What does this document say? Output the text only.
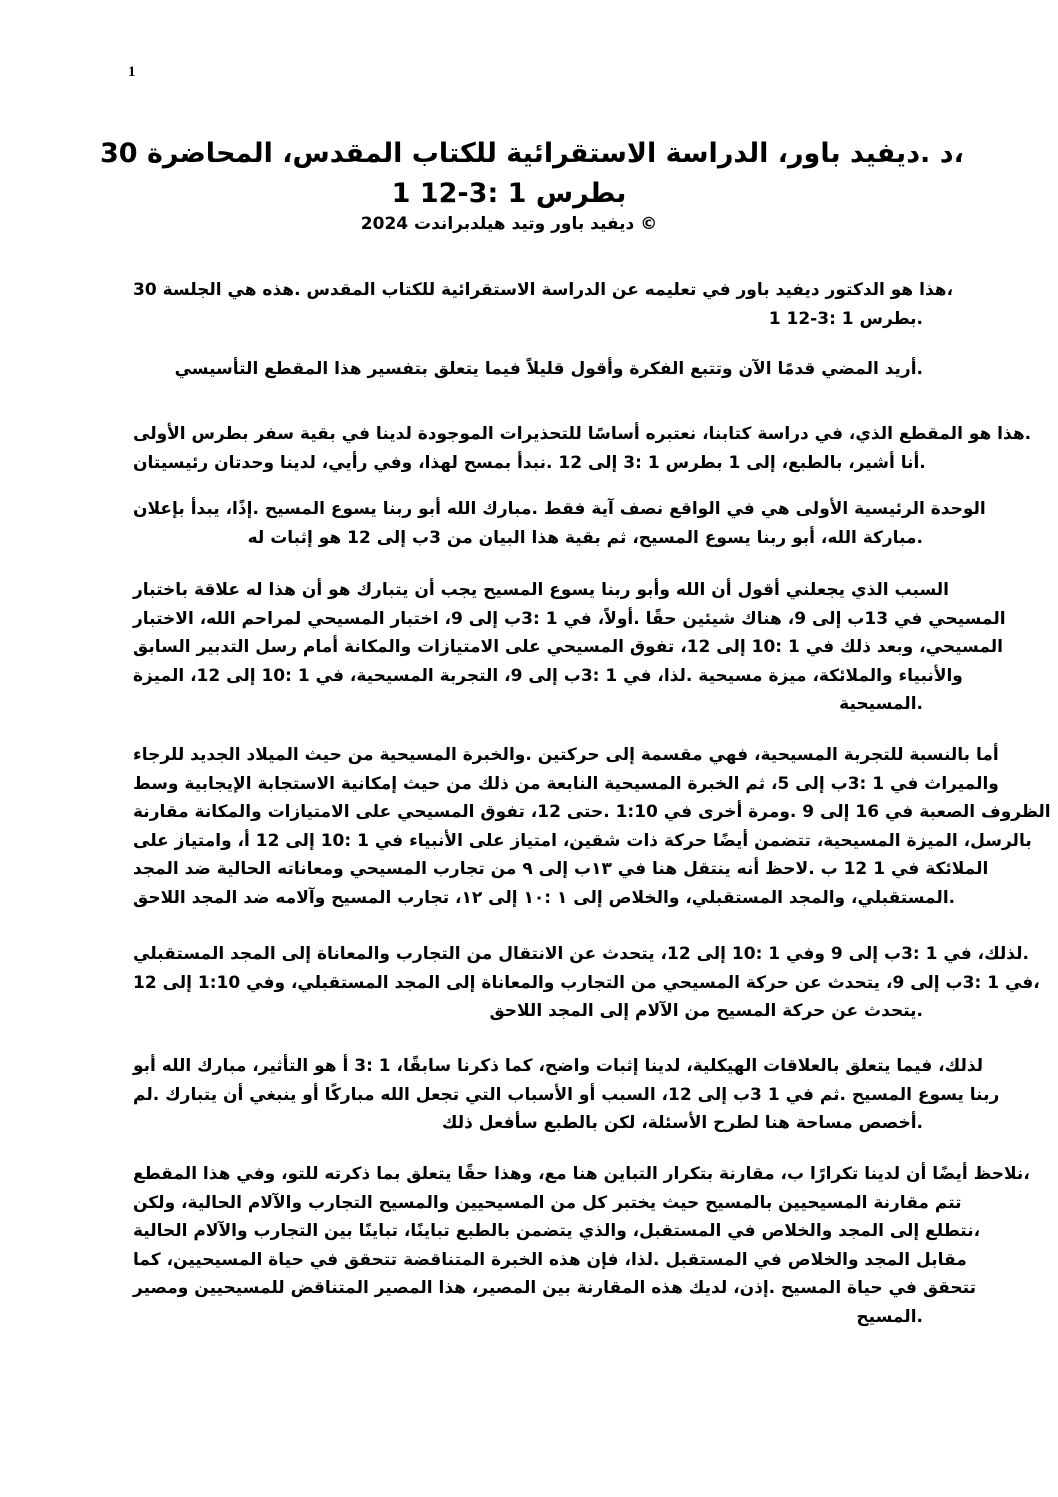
1
د .ديفيد باور، الدراسة الاستقرائية للكتاب المقدس، المحاضرة 30،
بطرس 1 :3-12 1
ديفيد باور وتيد هيلدبراندت 2024 ©
هذا هو الدكتور ديفيد باور في تعليمه عن الدراسة الاستقرائية للكتاب المقدس .هذه هي الجلسة 30،
بطرس 1 :3-12 1.
أريد المضي قدمًا الآن وتتبع الفكرة وأقول قليلاً فيما يتعلق بتفسير هذا المقطع التأسيسي.
هذا هو المقطع الذي، في دراسة كتابنا، نعتبره أساسًا للتحذيرات الموجودة لدينا في بقية سفر بطرس الأولى.
أنا أشير، بالطبع، إلى 1 بطرس 1 :3 إلى 12 .نبدأ بمسح لهذا، وفي رأيي، لدينا وحدتان رئيسيتان.
الوحدة الرئيسية الأولى هي في الواقع نصف آية فقط .مبارك الله أبو ربنا يسوع المسيح .إذًا، يبدأ بإعلان
مباركة الله، أبو ربنا يسوع المسيح، ثم بقية هذا البيان من 3ب إلى 12 هو إثبات له.
السبب الذي يجعلني أقول أن الله وأبو ربنا يسوع المسيح يجب أن يتبارك هو أن هذا له علاقة باختبار
المسيحي في 13ب إلى 9، هناك شيئين حقًا .أولاً، في 1 :3ب إلى 9، اختبار المسيحي لمراحم الله، الاختبار
المسيحي، وبعد ذلك في 1 :10 إلى 12، تفوق المسيحي على الامتيازات والمكانة أمام رسل التدبير السابق
والأنبياء والملائكة، ميزة مسيحية .لذا، في 1 :3ب إلى 9، التجربة المسيحية، في 1 :10 إلى 12، الميزة
المسيحية.
أما بالنسبة للتجربة المسيحية، فهي مقسمة إلى حركتين .والخبرة المسيحية من حيث الميلاد الجديد للرجاء
والميراث في 1 :3ب إلى 5، ثم الخبرة المسيحية النابعة من ذلك من حيث إمكانية الاستجابة الإيجابية وسط
الظروف الصعبة في 16 إلى 9 .ومرة أخرى في 1:10 .حتى 12، تفوق المسيحي على الامتيازات والمكانة مقارنة
بالرسل، الميزة المسيحية، تتضمن أيضًا حركة ذات شقين، امتياز على الأنبياء في 1 :10 إلى 12 أ، وامتياز على
الملائكة في 1 12 ب .لاحظ أنه ينتقل هنا في ١٣ب إلى ٩ من تجارب المسيحي ومعاناته الحالية ضد المجد
المستقبلي، والمجد المستقبلي، والخلاص إلى ١ :١٠ إلى ١٢، تجارب المسيح وآلامه ضد المجد اللاحق.
لذلك، في 1 :3ب إلى 9 وفي 1 :10 إلى 12، يتحدث عن الانتقال من التجارب والمعاناة إلى المجد المستقبلي.
في 1 :3ب إلى 9، يتحدث عن حركة المسيحي من التجارب والمعاناة إلى المجد المستقبلي، وفي 1:10 إلى 12،
يتحدث عن حركة المسيح من الآلام إلى المجد اللاحق.
لذلك، فيما يتعلق بالعلاقات الهيكلية، لدينا إثبات واضح، كما ذكرنا سابقًا، 1 :3 أ هو التأثير، مبارك الله أبو
ربنا يسوع المسيح .ثم في 1 3ب إلى 12، السبب أو الأسباب التي تجعل الله مباركًا أو ينبغي أن يتبارك .لم
أخصص مساحة هنا لطرح الأسئلة، لكن بالطبع سأفعل ذلك.
نلاحظ أيضًا أن لدينا تكرارًا ب، مقارنة بتكرار التباين هنا مع، وهذا حقًا يتعلق بما ذكرته للتو، وفي هذا المقطع،
تتم مقارنة المسيحيين بالمسيح حيث يختبر كل من المسيحيين والمسيح التجارب والآلام الحالية، ولكن
نتطلع إلى المجد والخلاص في المستقبل، والذي يتضمن بالطبع تباينًا، تباينًا بين التجارب والآلام الحالية،
مقابل المجد والخلاص في المستقبل .لذا، فإن هذه الخبرة المتناقضة تتحقق في حياة المسيحيين، كما
تتحقق في حياة المسيح .إذن، لديك هذه المقارنة بين المصير، هذا المصير المتناقض للمسيحيين ومصير
المسيح.
